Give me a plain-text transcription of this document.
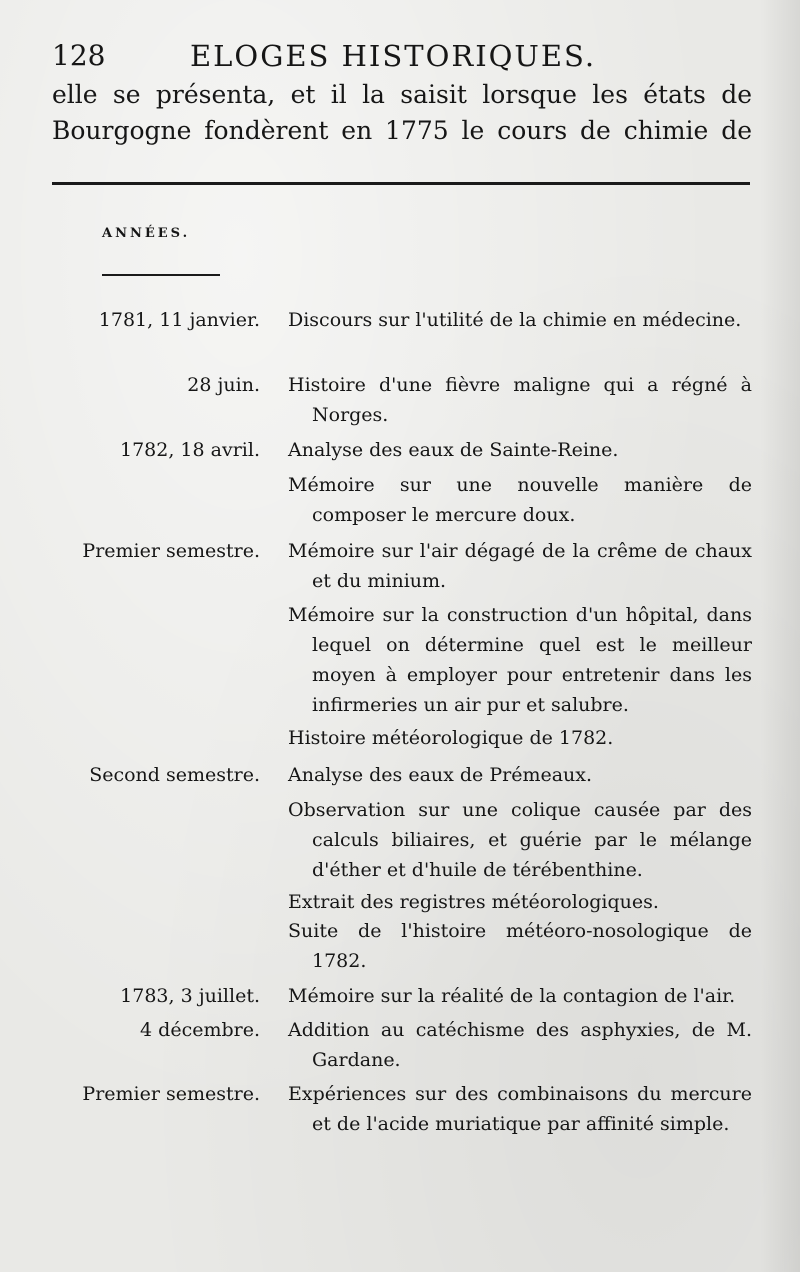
128	ELOGES HISTORIQUES.
elle se présenta, et il la saisit lorsque les états de
Bourgogne fondèrent en 1775 le cours de chimie de
ANNÉES.
1781, 11 janvier. Discours sur l'utilité de la chimie en médecine.
28 juin. Histoire d'une fièvre maligne qui a régné à Norges.
1782, 18 avril. Analyse des eaux de Sainte-Reine.
Mémoire sur une nouvelle manière de composer le mercure doux.
Premier semestre. Mémoire sur l'air dégagé de la crême de chaux et du minium.
Mémoire sur la construction d'un hôpital, dans lequel on détermine quel est le meilleur moyen à employer pour entretenir dans les infirmeries un air pur et salubre.
Histoire météorologique de 1782.
Second semestre. Analyse des eaux de Prémeaux.
Observation sur une colique causée par des calculs biliaires, et guérie par le mélange d'éther et d'huile de térébenthine.
Extrait des registres météorologiques.
Suite de l'histoire météoro-nosologique de 1782.
1783, 3 juillet. Mémoire sur la réalité de la contagion de l'air.
4 décembre. Addition au catéchisme des asphyxies, de M. Gardane.
Premier semestre. Expériences sur des combinaisons du mercure et de l'acide muriatique par affinité simple.
